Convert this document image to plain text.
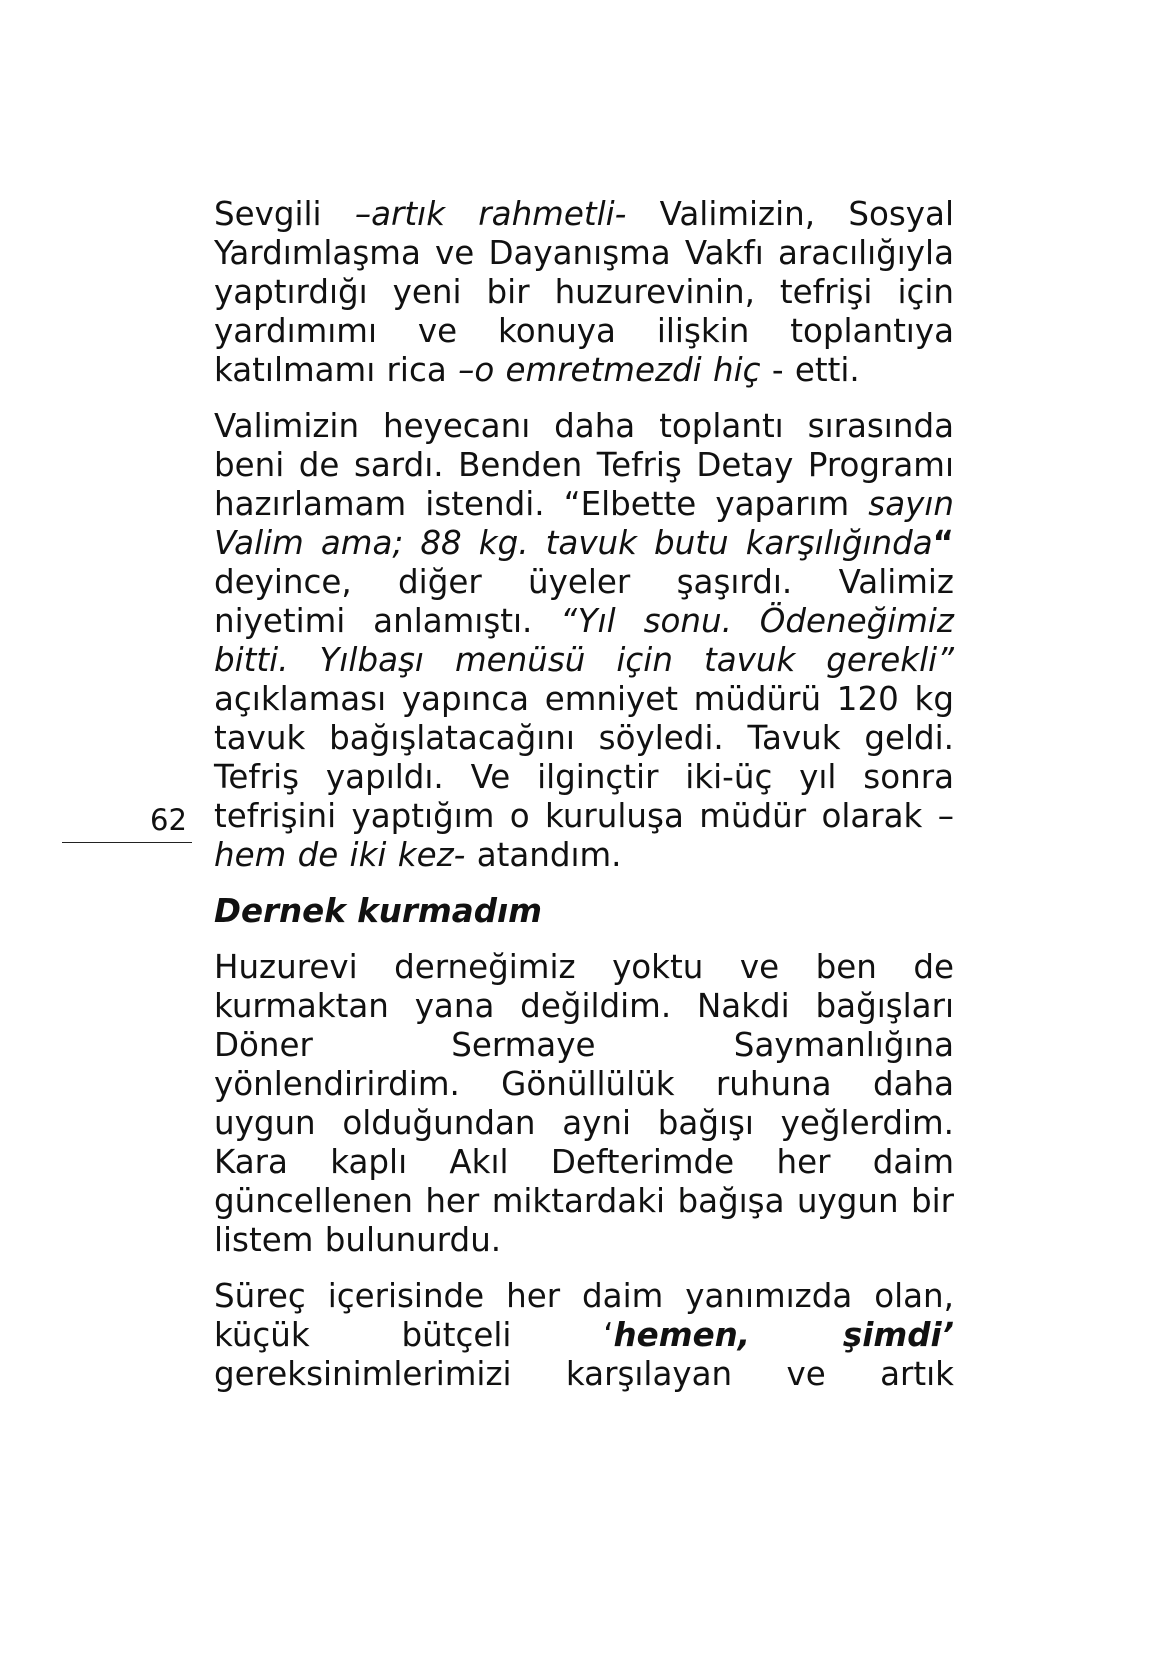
Sevgili –artık rahmetli- Valimizin, Sosyal Yardımlaşma ve Dayanışma Vakfı aracılığıyla yaptırdığı yeni bir huzurevinin, tefrişi için yardımımı ve konuya ilişkin toplantıya katılmamı rica –o emretmezdi hiç - etti.

Valimizin heyecanı daha toplantı sırasında beni de sardı. Benden Tefriş Detay Programı hazırlamam istendi. “Elbette yaparım sayın Valim ama; 88 kg. tavuk butu karşılığında“ deyince, diğer üyeler şaşırdı. Valimiz niyetimi anlamıştı. “Yıl sonu. Ödeneğimiz bitti. Yılbaşı menüsü için tavuk gerekli” açıklaması yapınca emniyet müdürü 120 kg tavuk bağışlatacağını söyledi. Tavuk geldi. Tefriş yapıldı. Ve ilginçtir iki-üç yıl sonra tefrişini yaptığım o kuruluşa müdür olarak –hem de iki kez- atandım.

Dernek kurmadım

Huzurevi derneğimiz yoktu ve ben de kurmaktan yana değildim. Nakdi bağışları Döner Sermaye Saymanlığına yönlendirirdim. Gönüllülük ruhuna daha uygun olduğundan ayni bağışı yeğlerdim. Kara kaplı Akıl Defterimde her daim güncellenen her miktardaki bağışa uygun bir listem bulunurdu.

Süreç içerisinde her daim yanımızda olan, küçük bütçeli ‘hemen, şimdi’ gereksinimlerimizi karşılayan ve artık

62
